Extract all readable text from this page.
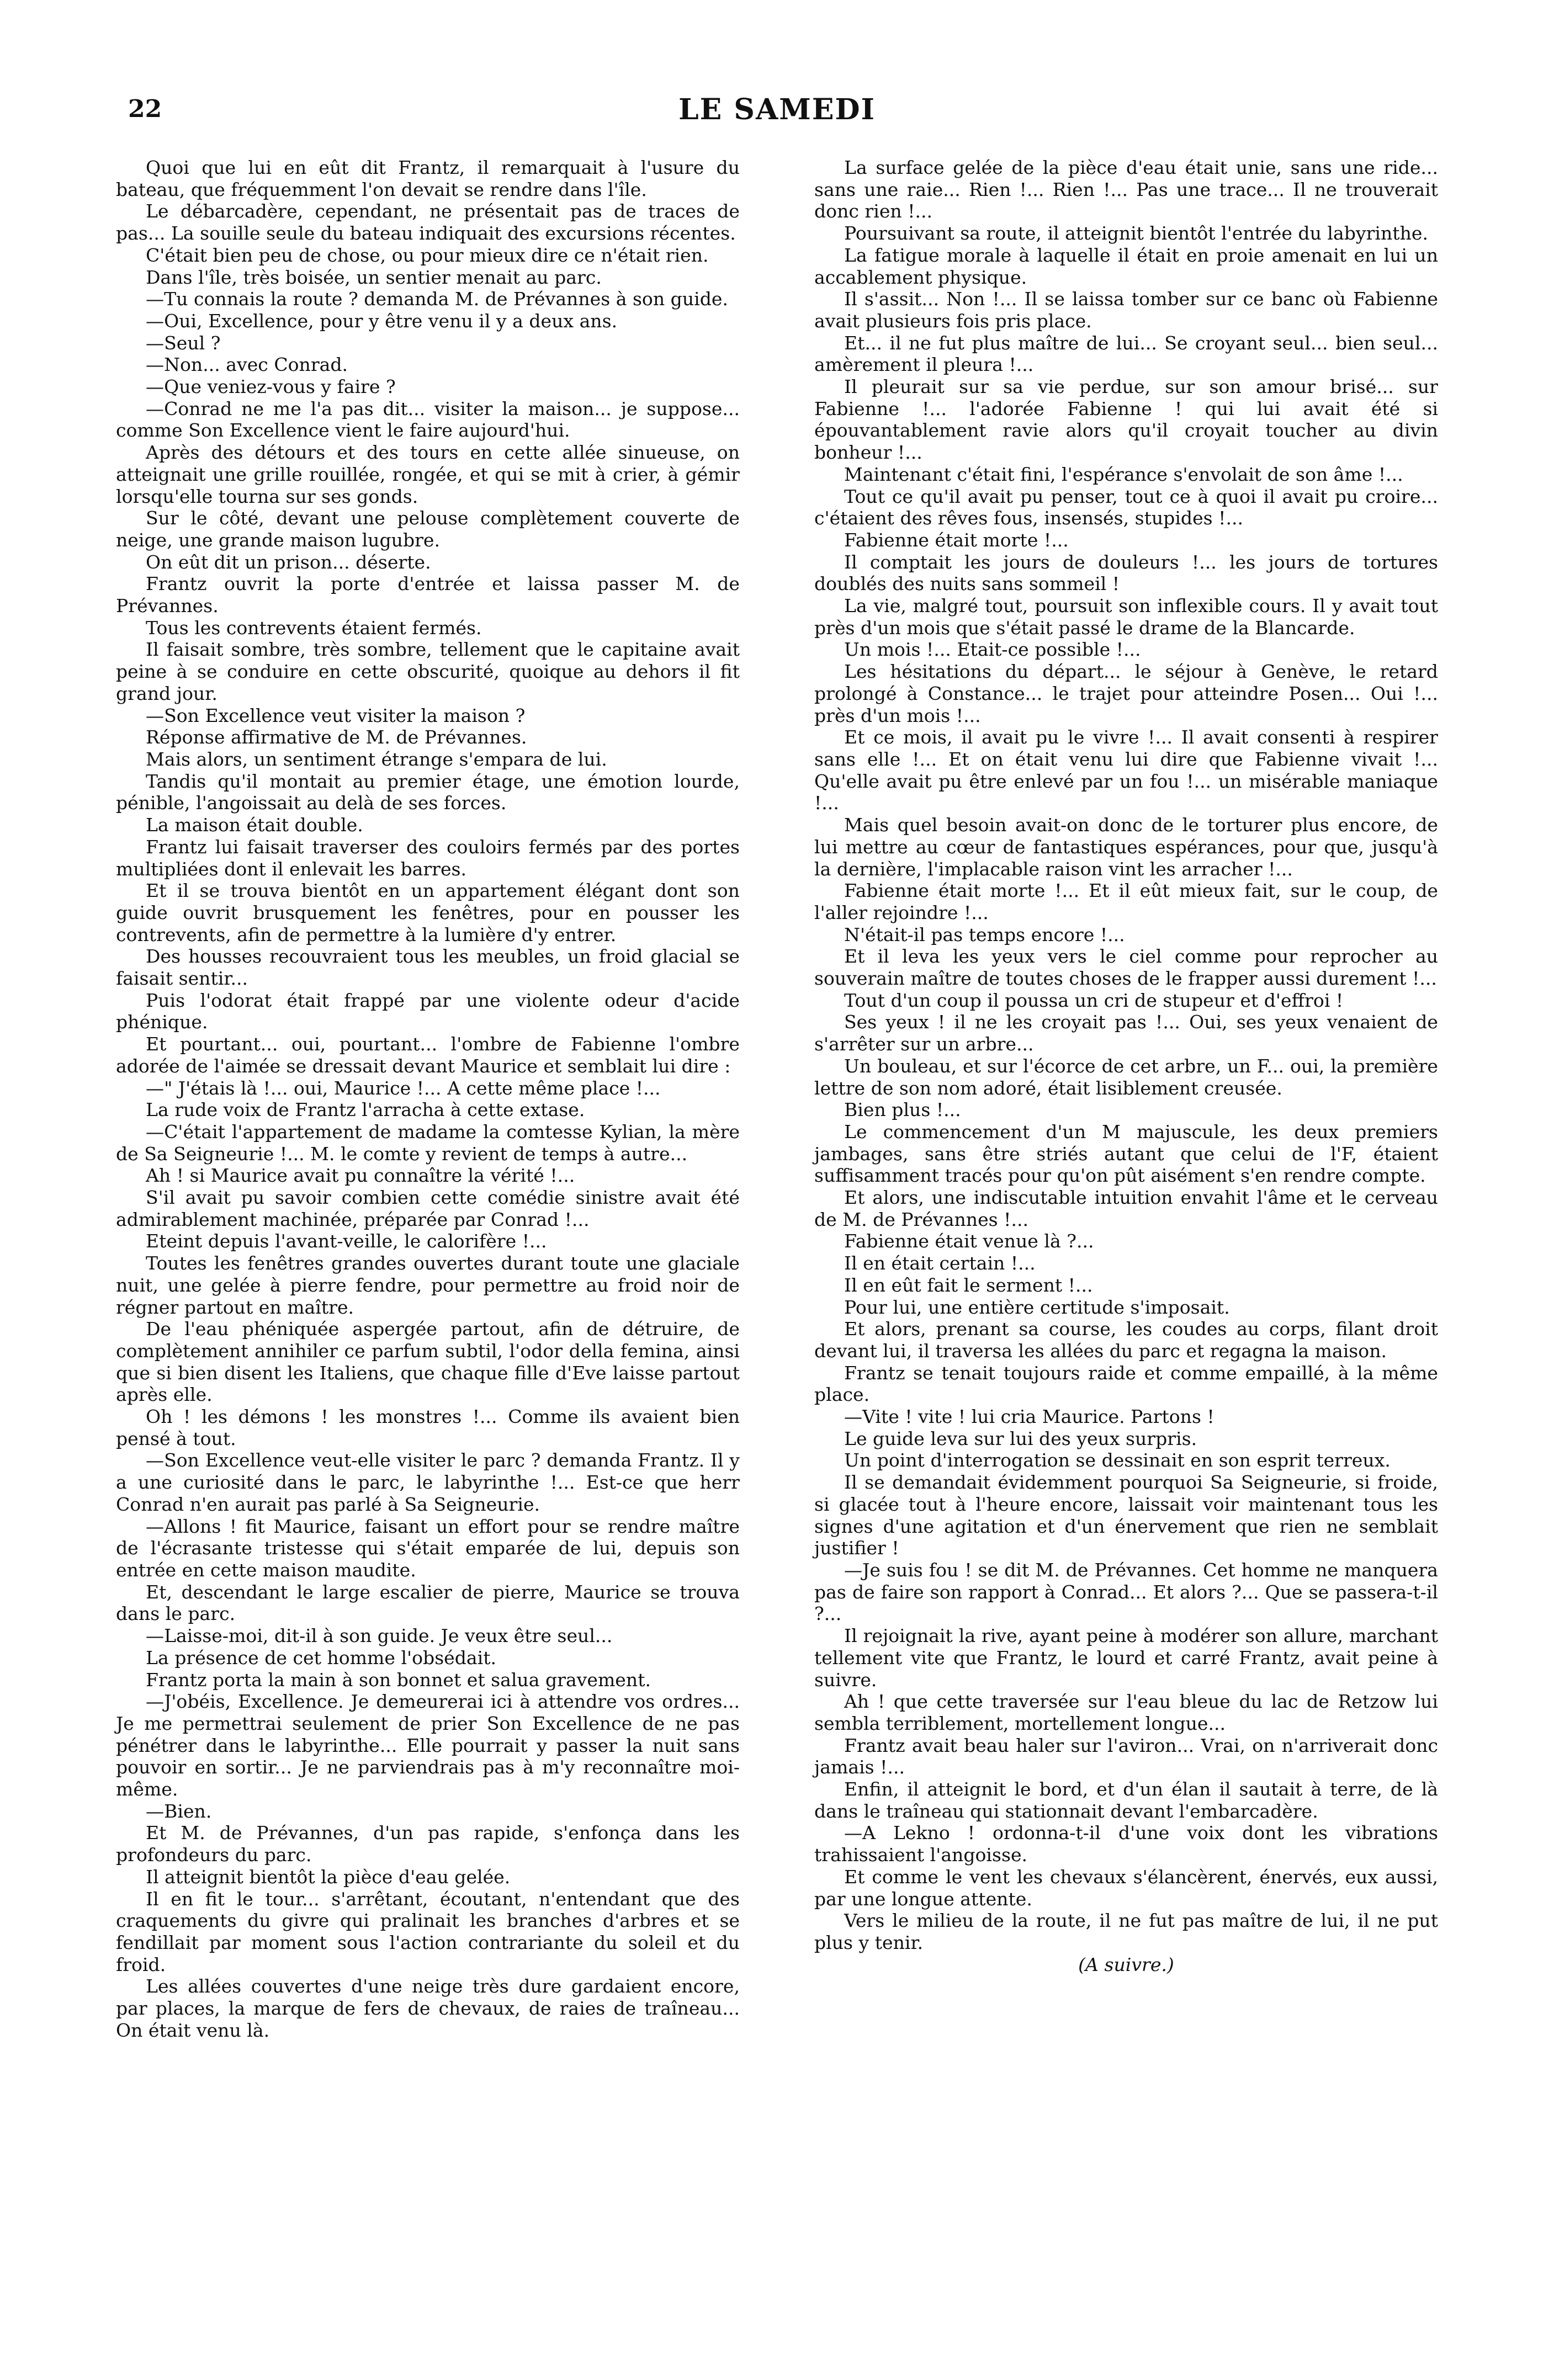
22	LE SAMEDI

Quoi que lui en eût dit Frantz, il remarquait à l'usure du bateau, que fréquemment l'on devait se rendre dans l'île.

Le débarcadère, cependant, ne présentait pas de traces de pas... La souille seule du bateau indiquait des excursions récentes.

C'était bien peu de chose, ou pour mieux dire ce n'était rien.

Dans l'île, très boisée, un sentier menait au parc.

—Tu connais la route ? demanda M. de Prévannes à son guide.

—Oui, Excellence, pour y être venu il y a deux ans.

—Seul ?

—Non... avec Conrad.

—Que veniez-vous y faire ?

—Conrad ne me l'a pas dit... visiter la maison... je suppose... comme Son Excellence vient le faire aujourd'hui.

Après des détours et des tours en cette allée sinueuse, on atteignait une grille rouillée, rongée, et qui se mit à crier, à gémir lorsqu'elle tourna sur ses gonds.

Sur le côté, devant une pelouse complètement couverte de neige, une grande maison lugubre.

On eût dit un prison... déserte.

Frantz ouvrit la porte d'entrée et laissa passer M. de Prévannes.

Tous les contrevents étaient fermés.

Il faisait sombre, très sombre, tellement que le capitaine avait peine à se conduire en cette obscurité, quoique au dehors il fit grand jour.

—Son Excellence veut visiter la maison ?

Réponse affirmative de M. de Prévannes.

Mais alors, un sentiment étrange s'empara de lui.

Tandis qu'il montait au premier étage, une émotion lourde, pénible, l'angoissait au delà de ses forces.

La maison était double.

Frantz lui faisait traverser des couloirs fermés par des portes multipliées dont il enlevait les barres.

Et il se trouva bientôt en un appartement élégant dont son guide ouvrit brusquement les fenêtres, pour en pousser les contrevents, afin de permettre à la lumière d'y entrer.

Des housses recouvraient tous les meubles, un froid glacial se faisait sentir...

Puis l'odorat était frappé par une violente odeur d'acide phénique.

Et pourtant... oui, pourtant... l'ombre de Fabienne l'ombre adorée de l'aimée se dressait devant Maurice et semblait lui dire :

—" J'étais là !... oui, Maurice !... A cette même place !...

La rude voix de Frantz l'arracha à cette extase.

—C'était l'appartement de madame la comtesse Kylian, la mère de Sa Seigneurie !... M. le comte y revient de temps à autre...

Ah ! si Maurice avait pu connaître la vérité !...

S'il avait pu savoir combien cette comédie sinistre avait été admirablement machinée, préparée par Conrad !...

Eteint depuis l'avant-veille, le calorifère !...

Toutes les fenêtres grandes ouvertes durant toute une glaciale nuit, une gelée à pierre fendre, pour permettre au froid noir de régner partout en maître.

De l'eau phéniquée aspergée partout, afin de détruire, de complètement annihiler ce parfum subtil, l'odor della femina, ainsi que si bien disent les Italiens, que chaque fille d'Eve laisse partout après elle.

Oh ! les démons ! les monstres !... Comme ils avaient bien pensé à tout.

—Son Excellence veut-elle visiter le parc ? demanda Frantz. Il y a une curiosité dans le parc, le labyrinthe !... Est-ce que herr Conrad n'en aurait pas parlé à Sa Seigneurie.

—Allons ! fit Maurice, faisant un effort pour se rendre maître de l'écrasante tristesse qui s'était emparée de lui, depuis son entrée en cette maison maudite.

Et, descendant le large escalier de pierre, Maurice se trouva dans le parc.

—Laisse-moi, dit-il à son guide. Je veux être seul...

La présence de cet homme l'obsédait.

Frantz porta la main à son bonnet et salua gravement.

—J'obéis, Excellence. Je demeurerai ici à attendre vos ordres... Je me permettrai seulement de prier Son Excellence de ne pas pénétrer dans le labyrinthe... Elle pourrait y passer la nuit sans pouvoir en sortir... Je ne parviendrais pas à m'y reconnaître moi-même.

—Bien.

Et M. de Prévannes, d'un pas rapide, s'enfonça dans les profondeurs du parc.

Il atteignit bientôt la pièce d'eau gelée.

Il en fit le tour... s'arrêtant, écoutant, n'entendant que des craquements du givre qui pralinait les branches d'arbres et se fendillait par moment sous l'action contrariante du soleil et du froid.

Les allées couvertes d'une neige très dure gardaient encore, par places, la marque de fers de chevaux, de raies de traîneau... On était venu là.

La surface gelée de la pièce d'eau était unie, sans une ride... sans une raie... Rien !... Rien !... Pas une trace... Il ne trouverait donc rien !...

Poursuivant sa route, il atteignit bientôt l'entrée du labyrinthe.

La fatigue morale à laquelle il était en proie amenait en lui un accablement physique.

Il s'assit... Non !... Il se laissa tomber sur ce banc où Fabienne avait plusieurs fois pris place.

Et... il ne fut plus maître de lui... Se croyant seul... bien seul... amèrement il pleura !...

Il pleurait sur sa vie perdue, sur son amour brisé... sur Fabienne !... l'adorée Fabienne ! qui lui avait été si épouvantablement ravie alors qu'il croyait toucher au divin bonheur !...

Maintenant c'était fini, l'espérance s'envolait de son âme !...

Tout ce qu'il avait pu penser, tout ce à quoi il avait pu croire... c'étaient des rêves fous, insensés, stupides !...

Fabienne était morte !...

Il comptait les jours de douleurs !... les jours de tortures doublés des nuits sans sommeil !

La vie, malgré tout, poursuit son inflexible cours. Il y avait tout près d'un mois que s'était passé le drame de la Blancarde.

Un mois !... Etait-ce possible !...

Les hésitations du départ... le séjour à Genève, le retard prolongé à Constance... le trajet pour atteindre Posen... Oui !... près d'un mois !...

Et ce mois, il avait pu le vivre !... Il avait consenti à respirer sans elle !... Et on était venu lui dire que Fabienne vivait !... Qu'elle avait pu être enlevé par un fou !... un misérable maniaque !...

Mais quel besoin avait-on donc de le torturer plus encore, de lui mettre au cœur de fantastiques espérances, pour que, jusqu'à la dernière, l'implacable raison vint les arracher !...

Fabienne était morte !... Et il eût mieux fait, sur le coup, de l'aller rejoindre !...

N'était-il pas temps encore !...

Et il leva les yeux vers le ciel comme pour reprocher au souverain maître de toutes choses de le frapper aussi durement !...

Tout d'un coup il poussa un cri de stupeur et d'effroi !

Ses yeux ! il ne les croyait pas !... Oui, ses yeux venaient de s'arrêter sur un arbre...

Un bouleau, et sur l'écorce de cet arbre, un F... oui, la première lettre de son nom adoré, était lisiblement creusée.

Bien plus !...

Le commencement d'un M majuscule, les deux premiers jambages, sans être striés autant que celui de l'F, étaient suffisamment tracés pour qu'on pût aisément s'en rendre compte.

Et alors, une indiscutable intuition envahit l'âme et le cerveau de M. de Prévannes !...

Fabienne était venue là ?...

Il en était certain !...

Il en eût fait le serment !...

Pour lui, une entière certitude s'imposait.

Et alors, prenant sa course, les coudes au corps, filant droit devant lui, il traversa les allées du parc et regagna la maison.

Frantz se tenait toujours raide et comme empaillé, à la même place.

—Vite ! vite ! lui cria Maurice. Partons !

Le guide leva sur lui des yeux surpris.

Un point d'interrogation se dessinait en son esprit terreux.

Il se demandait évidemment pourquoi Sa Seigneurie, si froide, si glacée tout à l'heure encore, laissait voir maintenant tous les signes d'une agitation et d'un énervement que rien ne semblait justifier !

—Je suis fou ! se dit M. de Prévannes. Cet homme ne manquera pas de faire son rapport à Conrad... Et alors ?... Que se passera-t-il ?...

Il rejoignait la rive, ayant peine à modérer son allure, marchant tellement vite que Frantz, le lourd et carré Frantz, avait peine à suivre.

Ah ! que cette traversée sur l'eau bleue du lac de Retzow lui sembla terriblement, mortellement longue...

Frantz avait beau haler sur l'aviron... Vrai, on n'arriverait donc jamais !...

Enfin, il atteignit le bord, et d'un élan il sautait à terre, de là dans le traîneau qui stationnait devant l'embarcadère.

—A Lekno ! ordonna-t-il d'une voix dont les vibrations trahissaient l'angoisse.

Et comme le vent les chevaux s'élancèrent, énervés, eux aussi, par une longue attente.

Vers le milieu de la route, il ne fut pas maître de lui, il ne put plus y tenir.

(A suivre.)
